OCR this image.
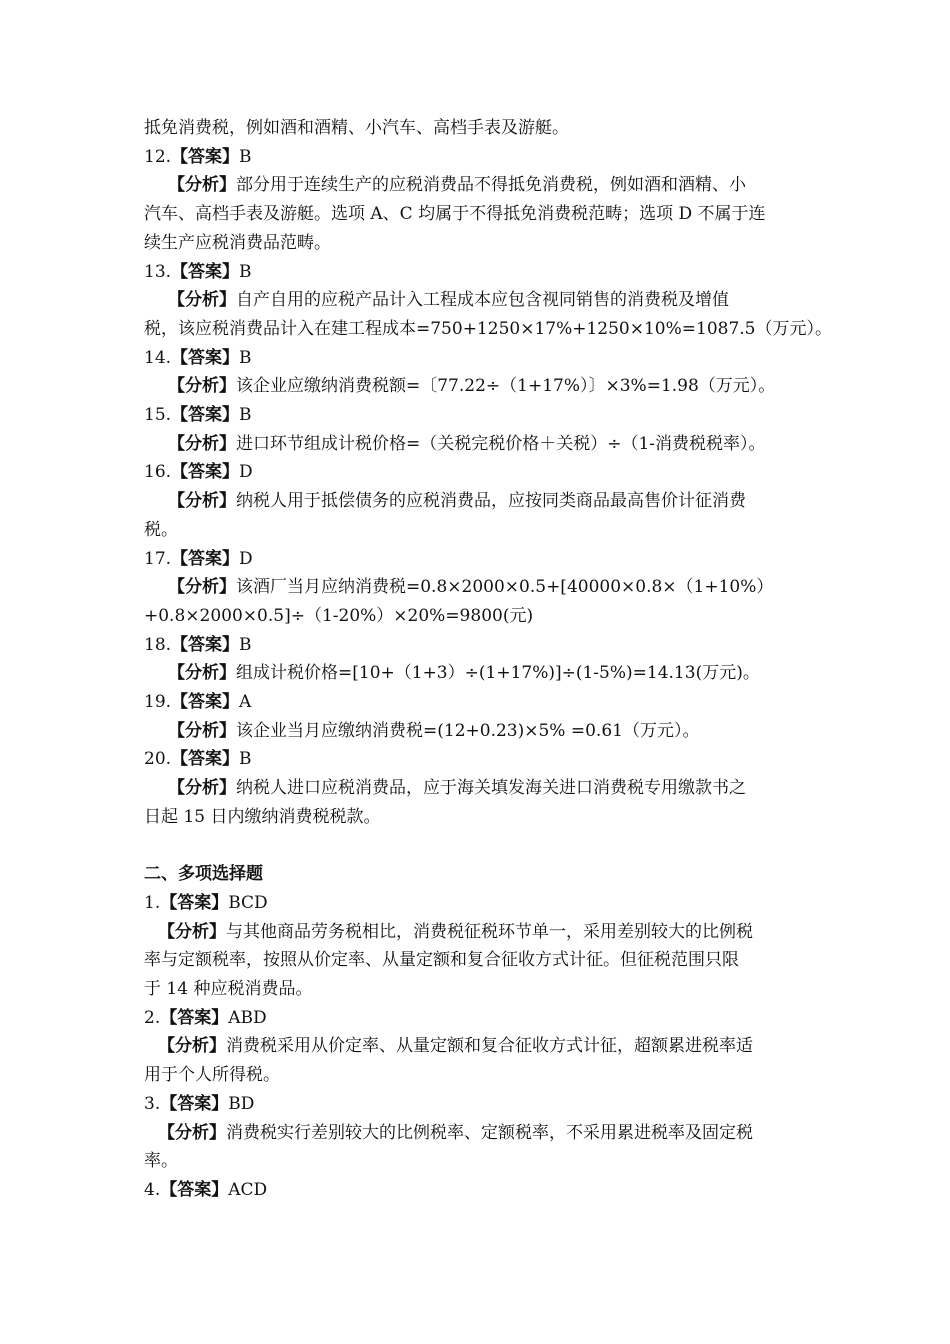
抵免消费税，例如酒和酒精、小汽车、高档手表及游艇。
12.【答案】B
【分析】部分用于连续生产的应税消费品不得抵免消费税，例如酒和酒精、小
汽车、高档手表及游艇。选项 A、C 均属于不得抵免消费税范畴；选项 D 不属于连
续生产应税消费品范畴。
13.【答案】B
【分析】自产自用的应税产品计入工程成本应包含视同销售的消费税及增值
税，该应税消费品计入在建工程成本=750+1250×17%+1250×10%=1087.5（万元）。
14.【答案】B
【分析】该企业应缴纳消费税额=〔77.22÷（1+17%）〕×3%=1.98（万元）。
15.【答案】B
【分析】进口环节组成计税价格=（关税完税价格＋关税）÷（1-消费税税率）。
16.【答案】D
【分析】纳税人用于抵偿债务的应税消费品，应按同类商品最高售价计征消费
税。
17.【答案】D
【分析】该酒厂当月应纳消费税=0.8×2000×0.5+[40000×0.8×（1+10%）
+0.8×2000×0.5]÷（1-20%）×20%=9800(元)
18.【答案】B
【分析】组成计税价格=[10+（1+3）÷(1+17%)]÷(1-5%)=14.13(万元)。
19.【答案】A
【分析】该企业当月应缴纳消费税=(12+0.23)×5% =0.61（万元）。
20.【答案】B
【分析】纳税人进口应税消费品，应于海关填发海关进口消费税专用缴款书之
日起 15 日内缴纳消费税税款。
二、多项选择题
1.【答案】BCD
【分析】与其他商品劳务税相比，消费税征税环节单一，采用差别较大的比例税
率与定额税率，按照从价定率、从量定额和复合征收方式计征。但征税范围只限
于 14 种应税消费品。
2.【答案】ABD
【分析】消费税采用从价定率、从量定额和复合征收方式计征，超额累进税率适
用于个人所得税。
3.【答案】BD
【分析】消费税实行差别较大的比例税率、定额税率，不采用累进税率及固定税
率。
4.【答案】ACD
